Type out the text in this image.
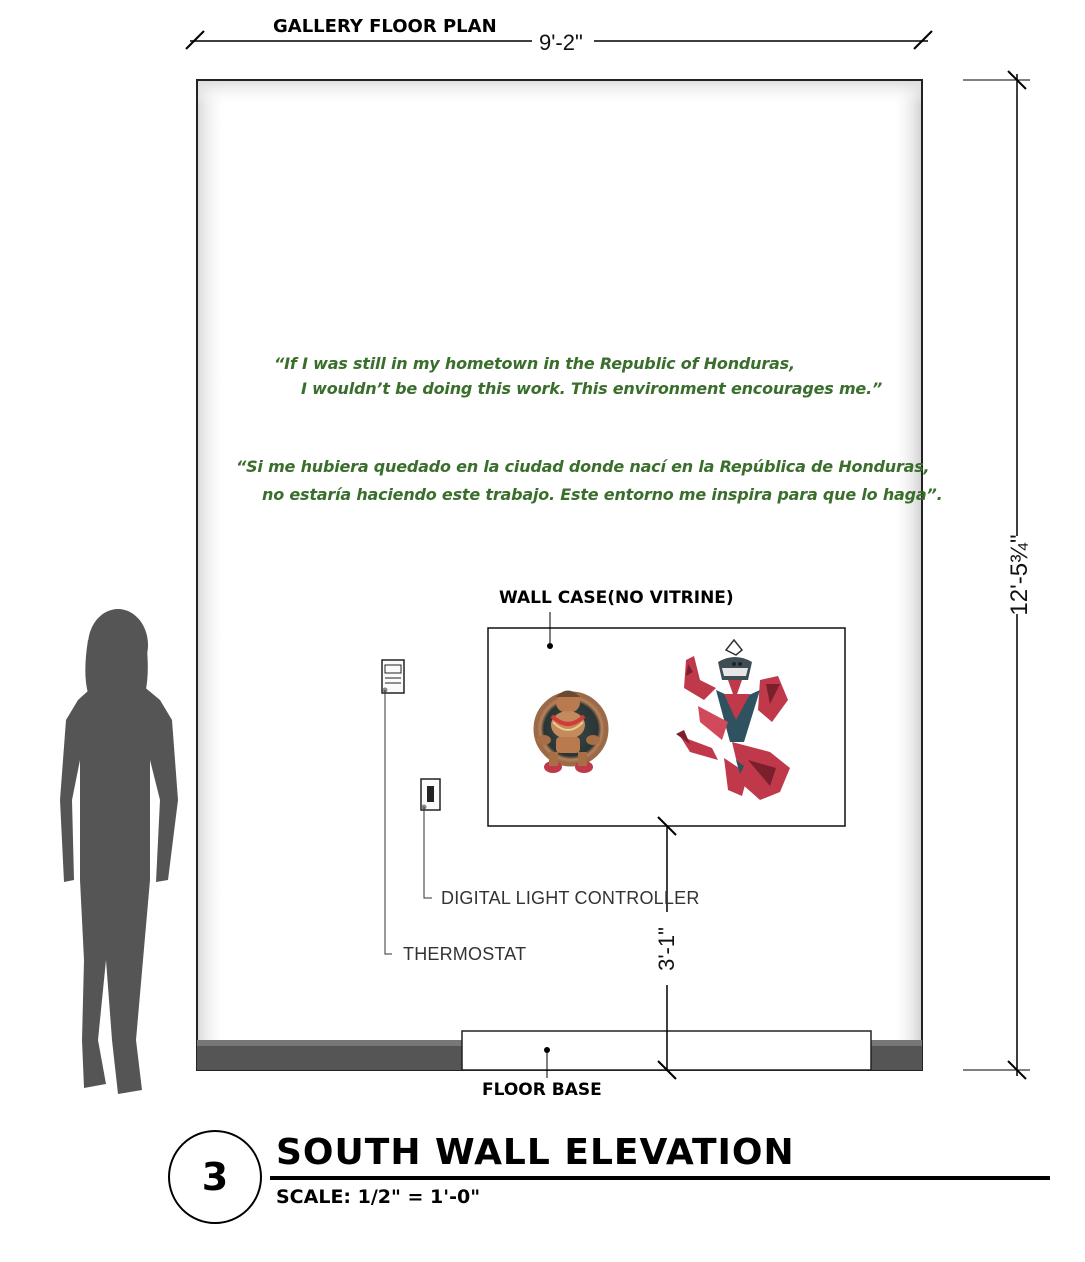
GALLERY FLOOR PLAN
9'-2"
12'-5¾"
“If I was still in my hometown in the Republic of Honduras,
I wouldn’t be doing this work. This environment encourages me.”
“Si me hubiera quedado en la ciudad donde nací en la República de Honduras,
no estaría haciendo este trabajo. Este entorno me inspira para que lo haga”.
WALL CASE(NO VITRINE)
DIGITAL LIGHT CONTROLLER
THERMOSTAT	3'-1"
FLOOR BASE
3
SOUTH WALL ELEVATION
SCALE: 1/2" = 1'-0"
